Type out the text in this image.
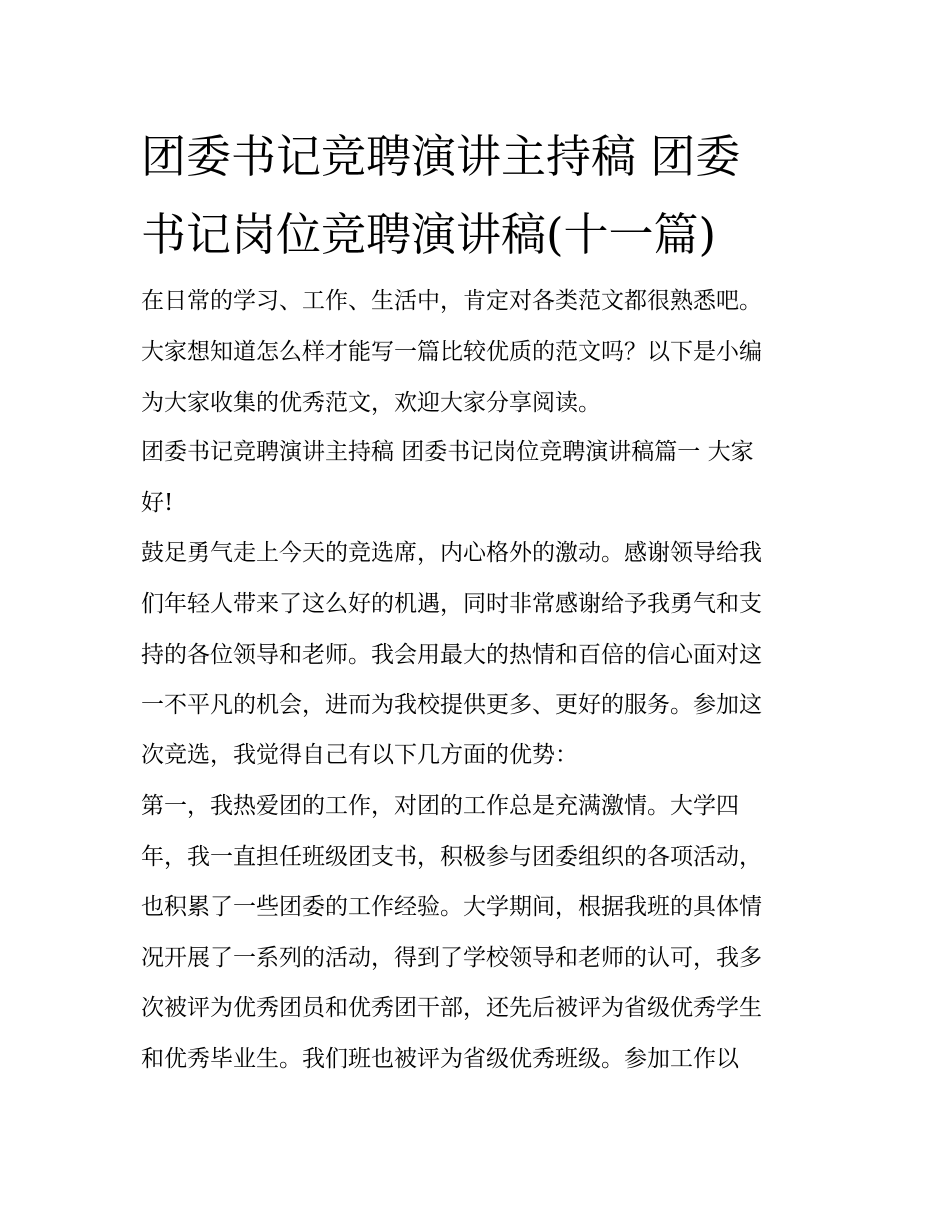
团委书记竞聘演讲主持稿 团委
书记岗位竞聘演讲稿(十一篇)

在日常的学习、工作、生活中，肯定对各类范文都很熟悉吧。

大家想知道怎么样才能写一篇比较优质的范文吗？以下是小编

为大家收集的优秀范文，欢迎大家分享阅读。

团委书记竞聘演讲主持稿 团委书记岗位竞聘演讲稿篇一 大家

好!

鼓足勇气走上今天的竞选席，内心格外的激动。感谢领导给我

们年轻人带来了这么好的机遇，同时非常感谢给予我勇气和支

持的各位领导和老师。我会用最大的热情和百倍的信心面对这

一不平凡的机会，进而为我校提供更多、更好的服务。参加这

次竞选，我觉得自己有以下几方面的优势：

第一，我热爱团的工作，对团的工作总是充满激情。大学四

年，我一直担任班级团支书，积极参与团委组织的各项活动，

也积累了一些团委的工作经验。大学期间，根据我班的具体情

况开展了一系列的活动，得到了学校领导和老师的认可，我多

次被评为优秀团员和优秀团干部，还先后被评为省级优秀学生

和优秀毕业生。我们班也被评为省级优秀班级。参加工作以
